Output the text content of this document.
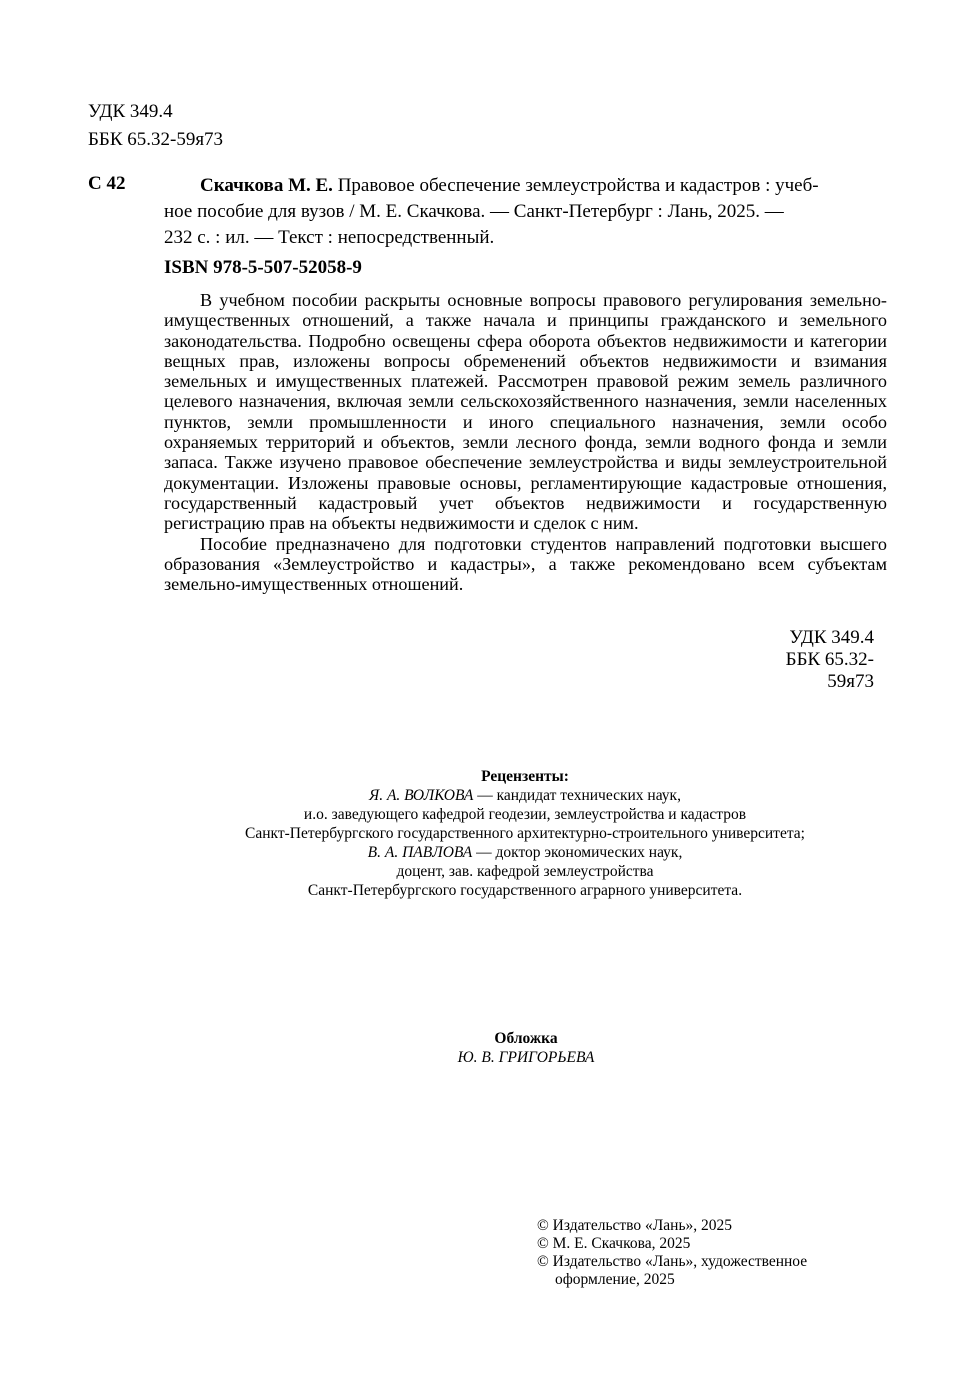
УДК 349.4
ББК 65.32-59я73
С 42	Скачкова М. Е. Правовое обеспечение землеустройства и кадастров : учеб-
ное пособие для вузов / М. Е. Скачкова. — Санкт-Петербург : Лань, 2025. —
232 с. : ил. — Текст : непосредственный.
ISBN 978-5-507-52058-9

В учебном пособии раскрыты основные вопросы правового регулирования земельно-имущественных отношений, а также начала и принципы гражданского и земельного законодательства. Подробно освещены сфера оборота объектов недвижимости и категории вещных прав, изложены вопросы обременений объектов недвижимости и взимания земельных и имущественных платежей. Рассмотрен правовой режим земель различного целевого назначения, включая земли сельскохозяйственного назначения, земли населенных пунктов, земли промышленности и иного специального назначения, земли особо охраняемых территорий и объектов, земли лесного фонда, земли водного фонда и земли запаса. Также изучено правовое обеспечение землеустройства и виды землеустроительной документации. Изложены правовые основы, регламентирующие кадастровые отношения, государственный кадастровый учет объектов недвижимости и государственную регистрацию прав на объекты недвижимости и сделок с ним.

Пособие предназначено для подготовки студентов направлений подготовки высшего образования «Землеустройство и кадастры», а также рекомендовано всем субъектам земельно-имущественных отношений.

УДК 349.4
ББК 65.32-59я73
Рецензенты:
Я. А. ВОЛКОВА — кандидат технических наук,
и.о. заведующего кафедрой геодезии, землеустройства и кадастров
Санкт-Петербургского государственного архитектурно-строительного университета;
В. А. ПАВЛОВА — доктор экономических наук,
доцент, зав. кафедрой землеустройства
Санкт-Петербургского государственного аграрного университета.
Обложка
Ю. В. ГРИГОРЬЕВА
© Издательство «Лань», 2025
© М. Е. Скачкова, 2025
© Издательство «Лань», художественное оформление, 2025
